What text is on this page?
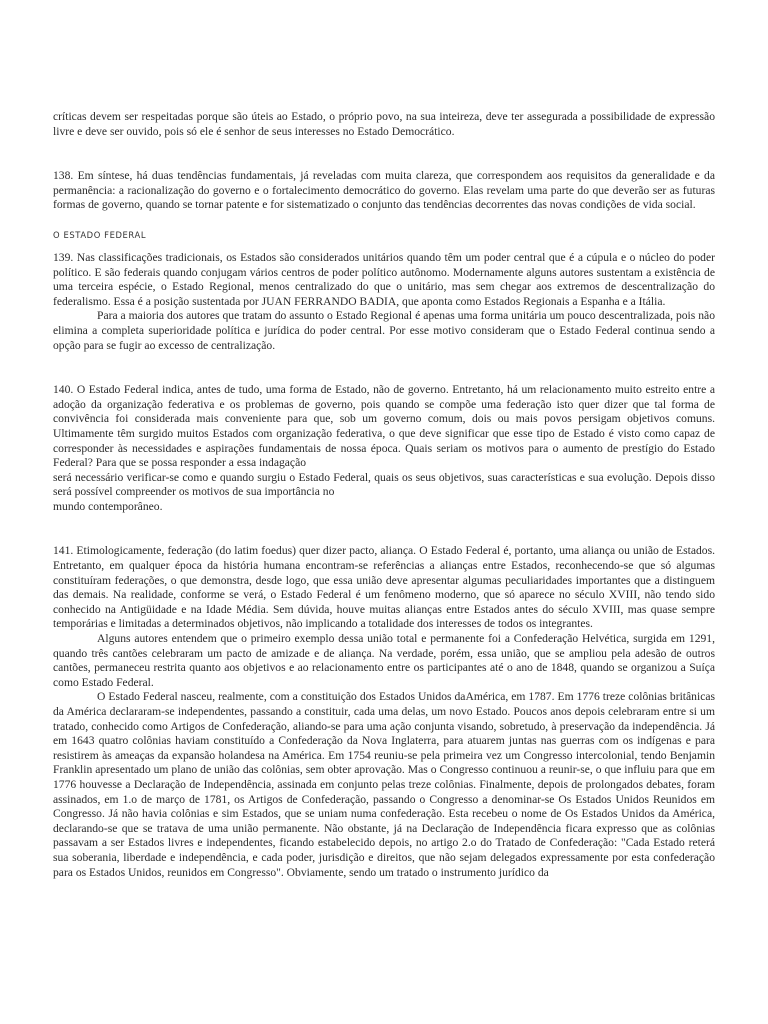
críticas devem ser respeitadas porque são úteis ao Estado, o próprio povo, na sua inteireza, deve ter assegurada a possibilidade de expressão livre e deve ser ouvido, pois só ele é senhor de seus interesses no Estado Democrático.

138. Em síntese, há duas tendências fundamentais, já reveladas com muita clareza, que correspondem aos requisitos da generalidade e da permanência: a racionalização do governo e o fortalecimento democrático do governo. Elas revelam uma parte do que deverão ser as futuras formas de governo, quando se tornar patente e for sistematizado o conjunto das tendências decorrentes das novas condições de vida social.

O ESTADO FEDERAL

139. Nas classificações tradicionais, os Estados são considerados unitários quando têm um poder central que é a cúpula e o núcleo do poder político. E são federais quando conjugam vários centros de poder político autônomo. Modernamente alguns autores sustentam a existência de uma terceira espécie, o Estado Regional, menos centralizado do que o unitário, mas sem chegar aos extremos de descentralização do federalismo. Essa é a posição sustentada por JUAN FERRANDO BADIA, que aponta como Estados Regionais a Espanha e a Itália.

Para a maioria dos autores que tratam do assunto o Estado Regional é apenas uma forma unitária um pouco descentralizada, pois não elimina a completa superioridade política e jurídica do poder central. Por esse motivo consideram que o Estado Federal continua sendo a opção para se fugir ao excesso de centralização.

140. O Estado Federal indica, antes de tudo, uma forma de Estado, não de governo. Entretanto, há um relacionamento muito estreito entre a adoção da organização federativa e os problemas de governo, pois quando se compõe uma federação isto quer dizer que tal forma de convivência foi considerada mais conveniente para que, sob um governo comum, dois ou mais povos persigam objetivos comuns. Ultimamente têm surgido muitos Estados com organização federativa, o que deve significar que esse tipo de Estado é visto como capaz de corresponder às necessidades e aspirações fundamentais de nossa época. Quais seriam os motivos para o aumento de prestígio do Estado Federal? Para que se possa responder a essa indagação

será necessário verificar-se como e quando surgiu o Estado Federal, quais os seus objetivos, suas características e sua evolução. Depois disso será possível compreender os motivos de sua importância no

mundo contemporâneo.

141. Etimologicamente, federação (do latim foedus) quer dizer pacto, aliança. O Estado Federal é, portanto, uma aliança ou união de Estados. Entretanto, em qualquer época da história humana encontram-se referências a alianças entre Estados, reconhecendo-se que só algumas constituíram federações, o que demonstra, desde logo, que essa união deve apresentar algumas peculiaridades importantes que a distinguem das demais. Na realidade, conforme se verá, o Estado Federal é um fenômeno moderno, que só aparece no século XVIII, não tendo sido conhecido na Antigüidade e na Idade Média. Sem dúvida, houve muitas alianças entre Estados antes do século XVIII, mas quase sempre temporárias e limitadas a determinados objetivos, não implicando a totalidade dos interesses de todos os integrantes.

Alguns autores entendem que o primeiro exemplo dessa união total e permanente foi a Confederação Helvética, surgida em 1291, quando três cantões celebraram um pacto de amizade e de aliança. Na verdade, porém, essa união, que se ampliou pela adesão de outros cantões, permaneceu restrita quanto aos objetivos e ao relacionamento entre os participantes até o ano de 1848, quando se organizou a Suíça como Estado Federal.

O Estado Federal nasceu, realmente, com a constituição dos Estados Unidos daAmérica, em 1787. Em 1776 treze colônias britânicas da América declararam-se independentes, passando a constituir, cada uma delas, um novo Estado. Poucos anos depois celebraram entre si um tratado, conhecido como Artigos de Confederação, aliando-se para uma ação conjunta visando, sobretudo, à preservação da independência. Já em 1643 quatro colônias haviam constituído a Confederação da Nova Inglaterra, para atuarem juntas nas guerras com os indígenas e para resistirem às ameaças da expansão holandesa na América. Em 1754 reuniu-se pela primeira vez um Congresso intercolonial, tendo Benjamin Franklin apresentado um plano de união das colônias, sem obter aprovação. Mas o Congresso continuou a reunir-se, o que influiu para que em 1776 houvesse a Declaração de Independência, assinada em conjunto pelas treze colônias. Finalmente, depois de prolongados debates, foram assinados, em 1.o de março de 1781, os Artigos de Confederação, passando o Congresso a denominar-se Os Estados Unidos Reunidos em Congresso. Já não havia colônias e sim Estados, que se uniam numa confederação. Esta recebeu o nome de Os Estados Unidos da América, declarando-se que se tratava de uma união permanente. Não obstante, já na Declaração de Independência ficara expresso que as colônias passavam a ser Estados livres e independentes, ficando estabelecido depois, no artigo 2.o do Tratado de Confederação: "Cada Estado reterá sua soberania, liberdade e independência, e cada poder, jurisdição e direitos, que não sejam delegados expressamente por esta confederação para os Estados Unidos, reunidos em Congresso". Obviamente, sendo um tratado o instrumento jurídico da
